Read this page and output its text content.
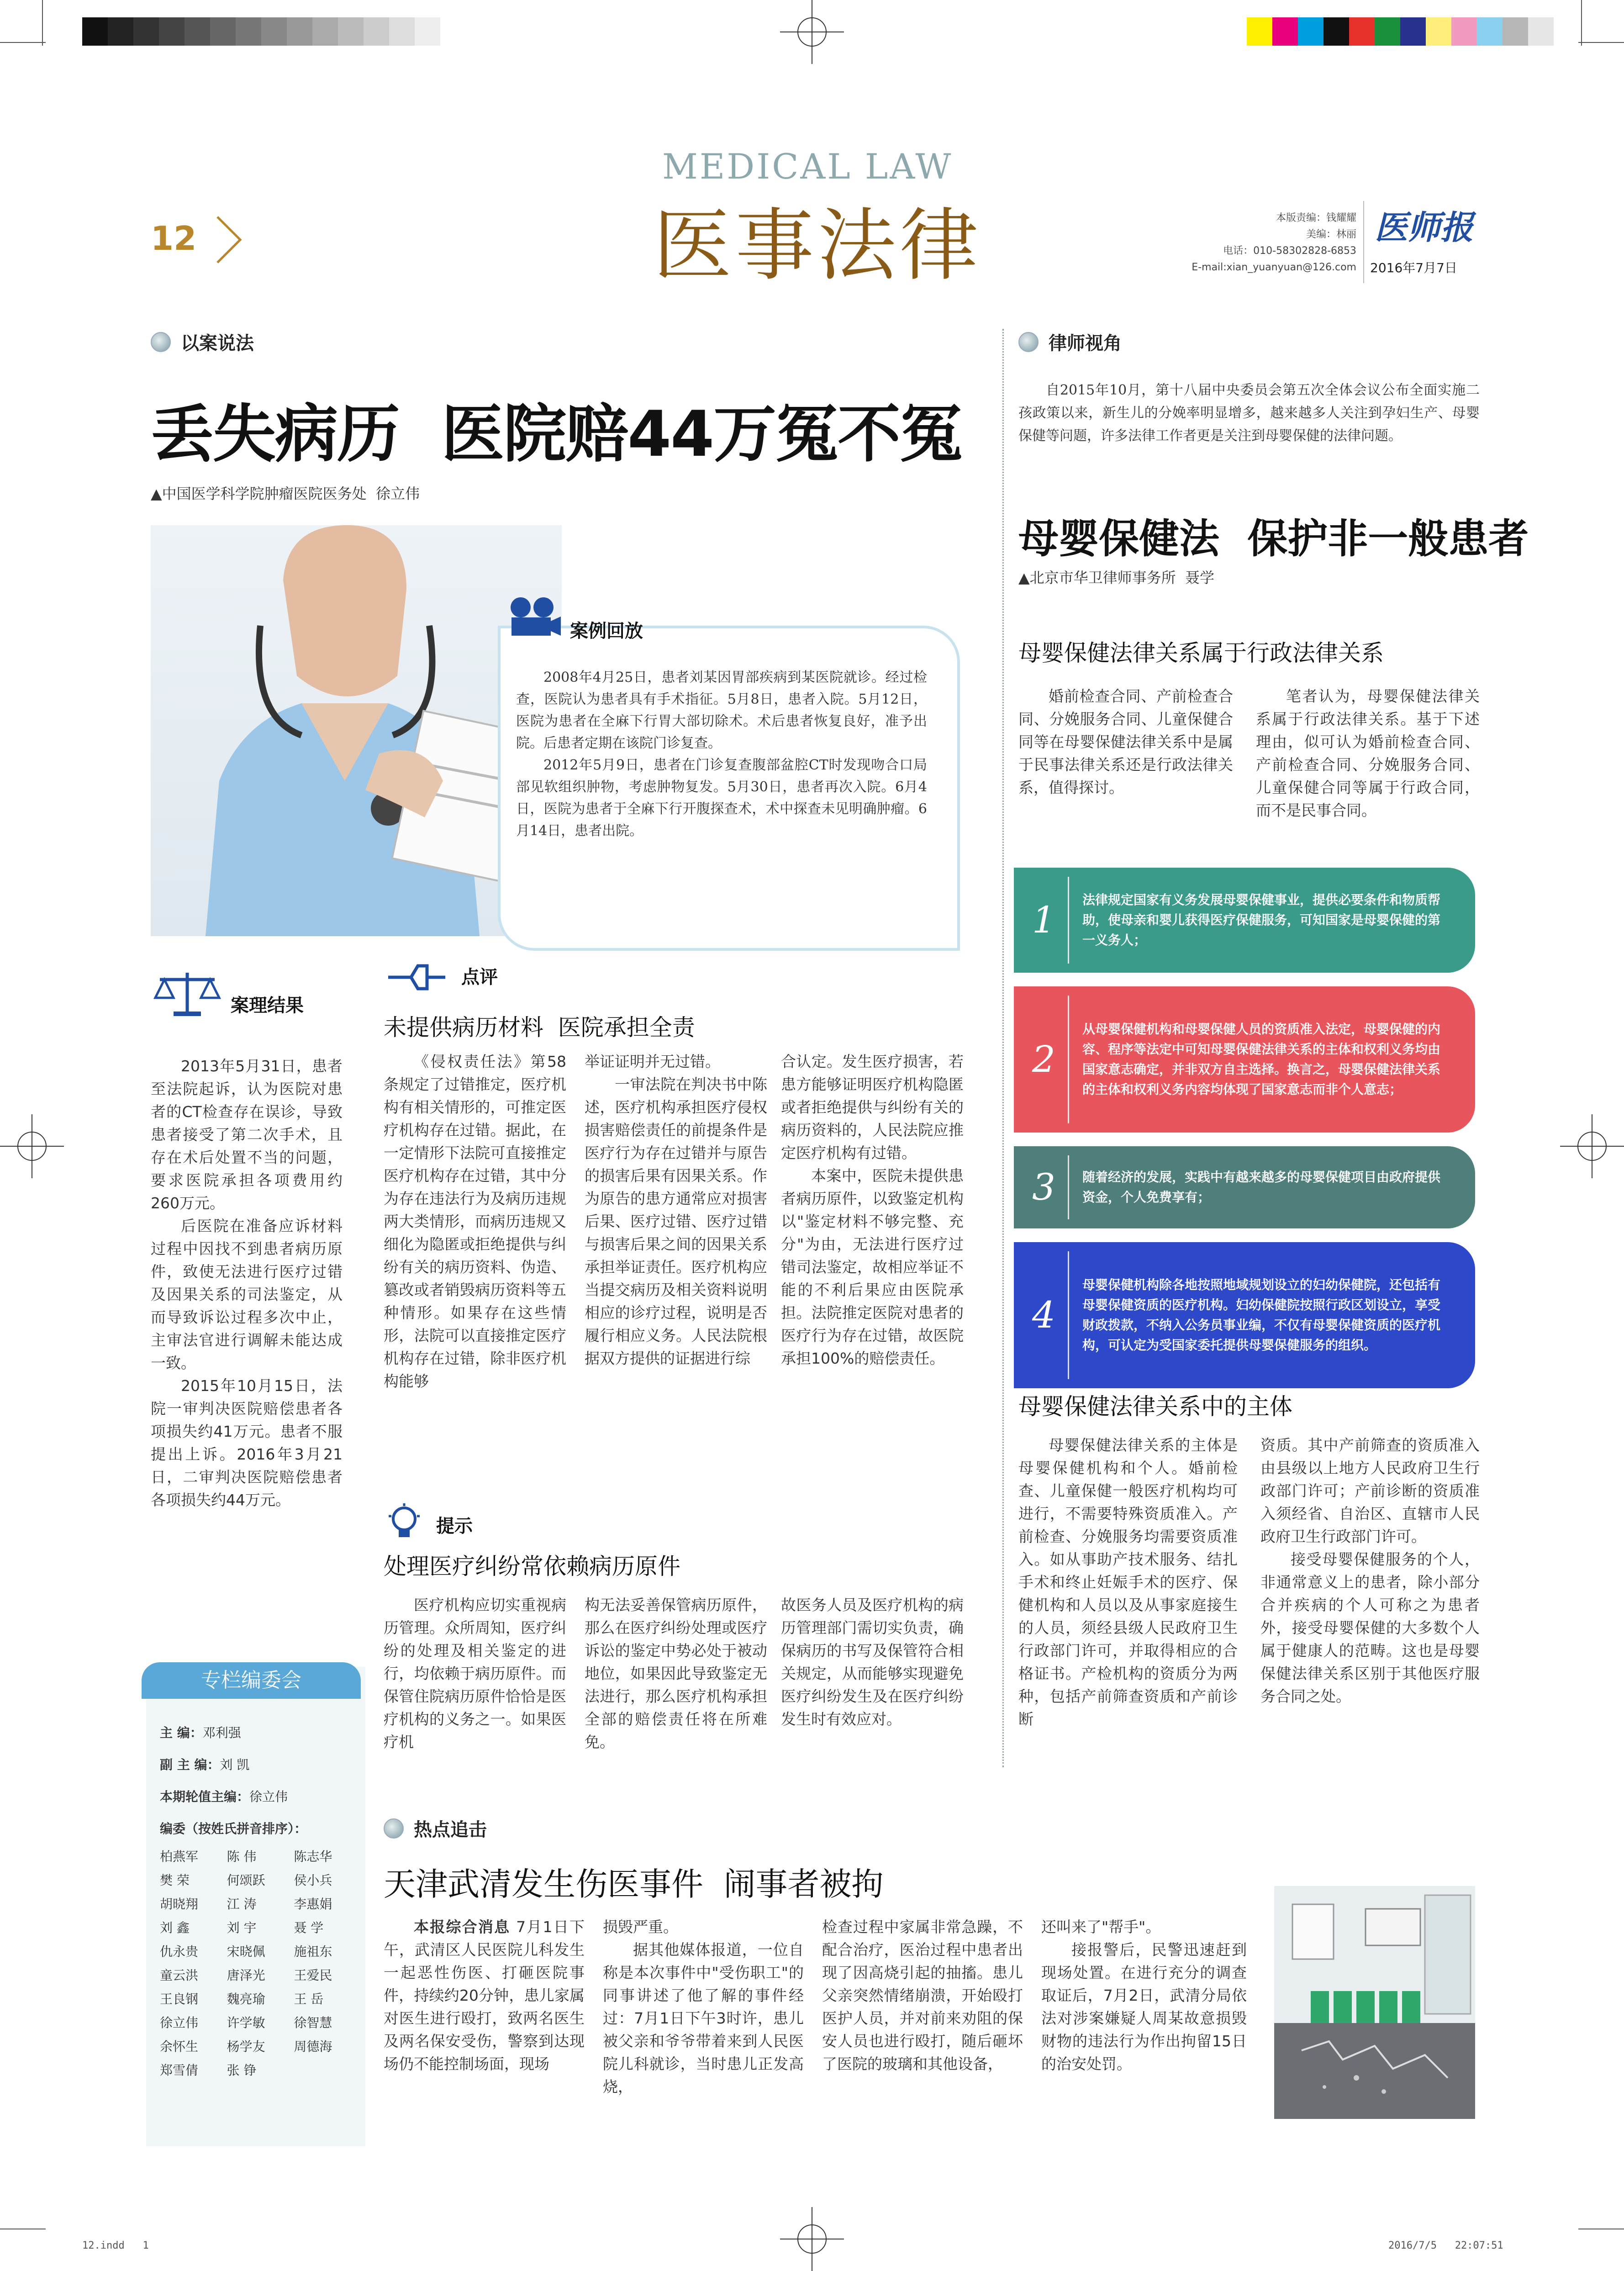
12
MEDICAL LAW
医事法律	本版责编：钱耀耀
美编：林丽
电话：010-58302828-6853
E-mail:xian_yuanyuan@126.com
医师报
2016年7月7日
以案说法
丢失病历  医院赔44万冤不冤
▲中国医学科学院肿瘤医院医务处  徐立伟
案例回放

2008年4月25日，患者刘某因胃部疾病到某医院就诊。经过检查，医院认为患者具有手术指征。5月8日，患者入院。5月12日，医院为患者在全麻下行胃大部切除术。术后患者恢复良好，准予出院。后患者定期在该院门诊复查。

2012年5月9日，患者在门诊复查腹部盆腔CT时发现吻合口局部见软组织肿物，考虑肿物复发。5月30日，患者再次入院。6月4日，医院为患者于全麻下行开腹探查术，术中探查未见明确肿瘤。6月14日，患者出院。

案理结果

2013年5月31日，患者至法院起诉，认为医院对患者的CT检查存在误诊，导致患者接受了第二次手术，且存在术后处置不当的问题，要求医院承担各项费用约260万元。

后医院在准备应诉材料过程中因找不到患者病历原件，致使无法进行医疗过错及因果关系的司法鉴定，从而导致诉讼过程多次中止，主审法官进行调解未能达成一致。

2015年10月15日，法院一审判决医院赔偿患者各项损失约41万元。患者不服提出上诉。2016年3月21日，二审判决医院赔偿患者各项损失约44万元。

点评
未提供病历材料  医院承担全责

《侵权责任法》第58条规定了过错推定，医疗机构有相关情形的，可推定医疗机构存在过错。据此，在一定情形下法院可直接推定医疗机构存在过错，其中分为存在违法行为及病历违规两大类情形，而病历违规又细化为隐匿或拒绝提供与纠纷有关的病历资料、伪造、篡改或者销毁病历资料等五种情形。如果存在这些情形，法院可以直接推定医疗机构存在过错，除非医疗机构能够

举证证明并无过错。

一审法院在判决书中陈述，医疗机构承担医疗侵权损害赔偿责任的前提条件是医疗行为存在过错并与原告的损害后果有因果关系。作为原告的患方通常应对损害后果、医疗过错、医疗过错与损害后果之间的因果关系承担举证责任。医疗机构应当提交病历及相关资料说明相应的诊疗过程，说明是否履行相应义务。人民法院根据双方提供的证据进行综

合认定。发生医疗损害，若患方能够证明医疗机构隐匿或者拒绝提供与纠纷有关的病历资料的，人民法院应推定医疗机构有过错。

本案中，医院未提供患者病历原件，以致鉴定机构以"鉴定材料不够完整、充分"为由，无法进行医疗过错司法鉴定，故相应举证不能的不利后果应由医院承担。法院推定医院对患者的医疗行为存在过错，故医院承担100%的赔偿责任。

提示
处理医疗纠纷常依赖病历原件

医疗机构应切实重视病历管理。众所周知，医疗纠纷的处理及相关鉴定的进行，均依赖于病历原件。而保管住院病历原件恰恰是医疗机构的义务之一。如果医疗机

构无法妥善保管病历原件，那么在医疗纠纷处理或医疗诉讼的鉴定中势必处于被动地位，如果因此导致鉴定无法进行，那么医疗机构承担全部的赔偿责任将在所难免。
故医务人员及医疗机构的病历管理部门需切实负责，确保病历的书写及保管符合相关规定，从而能够实现避免医疗纠纷发生及在医疗纠纷发生时有效应对。
专栏编委会
主 编：邓利强
副 主 编：刘 凯
本期轮值主编：徐立伟
编委（按姓氏拼音排序）：
柏燕军	陈 伟	陈志华
樊 荣	何颂跃	侯小兵
胡晓翔	江 涛	李惠娟
刘 鑫	刘 宇	聂 学
仇永贵	宋晓佩	施祖东
童云洪	唐泽光	王爱民
王良钢	魏亮瑜	王 岳
徐立伟	许学敏	徐智慧
余怀生	杨学友	周德海
郑雪倩	张 铮
律师视角

自2015年10月，第十八届中央委员会第五次全体会议公布全面实施二孩政策以来，新生儿的分娩率明显增多，越来越多人关注到孕妇生产、母婴保健等问题，许多法律工作者更是关注到母婴保健的法律问题。

母婴保健法  保护非一般患者
▲北京市华卫律师事务所  聂学
母婴保健法律关系属于行政法律关系

婚前检查合同、产前检查合同、分娩服务合同、儿童保健合同等在母婴保健法律关系中是属于民事法律关系还是行政法律关系，值得探讨。

笔者认为，母婴保健法律关系属于行政法律关系。基于下述理由，似可认为婚前检查合同、产前检查合同、分娩服务合同、儿童保健合同等属于行政合同，而不是民事合同。

1 法律规定国家有义务发展母婴保健事业，提供必要条件和物质帮助，使母亲和婴儿获得医疗保健服务，可知国家是母婴保健的第一义务人；
2
从母婴保健机构和母婴保健人员的资质准入法定，母婴保健的内容、程序等法定中可知母婴保健法律关系的主体和权利义务均由国家意志确定，并非双方自主选择。换言之，母婴保健法律关系的主体和权利义务内容均体现了国家意志而非个人意志；
3 随着经济的发展，实践中有越来越多的母婴保健项目由政府提供资金，个人免费享有；
4
母婴保健机构除各地按照地域规划设立的妇幼保健院，还包括有母婴保健资质的医疗机构。妇幼保健院按照行政区划设立，享受财政拨款，不纳入公务员事业编，不仅有母婴保健资质的医疗机构，可认定为受国家委托提供母婴保健服务的组织。
母婴保健法律关系中的主体

母婴保健法律关系的主体是母婴保健机构和个人。婚前检查、儿童保健一般医疗机构均可进行，不需要特殊资质准入。产前检查、分娩服务均需要资质准入。如从事助产技术服务、结扎手术和终止妊娠手术的医疗、保健机构和人员以及从事家庭接生的人员，须经县级人民政府卫生行政部门许可，并取得相应的合格证书。产检机构的资质分为两种，包括产前筛查资质和产前诊断

资质。其中产前筛查的资质准入由县级以上地方人民政府卫生行政部门许可；产前诊断的资质准入须经省、自治区、直辖市人民政府卫生行政部门许可。

接受母婴保健服务的个人，非通常意义上的患者，除小部分合并疾病的个人可称之为患者外，接受母婴保健的大多数个人属于健康人的范畴。这也是母婴保健法律关系区别于其他医疗服务合同之处。

热点追击
天津武清发生伤医事件  闹事者被拘

本报综合消息 7月1日下午，武清区人民医院儿科发生一起恶性伤医、打砸医院事件，持续约20分钟，患儿家属对医生进行殴打，致两名医生及两名保安受伤，警察到达现场仍不能控制场面，现场

损毁严重。

据其他媒体报道，一位自称是本次事件中"受伤职工"的同事讲述了他了解的事件经过：7月1日下午3时许，患儿被父亲和爷爷带着来到人民医院儿科就诊，当时患儿正发高烧，

检查过程中家属非常急躁，不配合治疗，医治过程中患者出现了因高烧引起的抽搐。患儿父亲突然情绪崩溃，开始殴打医护人员，并对前来劝阻的保安人员也进行殴打，随后砸坏了医院的玻璃和其他设备，
还叫来了"帮手"。

接报警后，民警迅速赶到现场处置。在进行充分的调查取证后，7月2日，武清分局依法对涉案嫌疑人周某故意损毁财物的违法行为作出拘留15日的治安处罚。

12.indd   1	2016/7/5   22:07:51
